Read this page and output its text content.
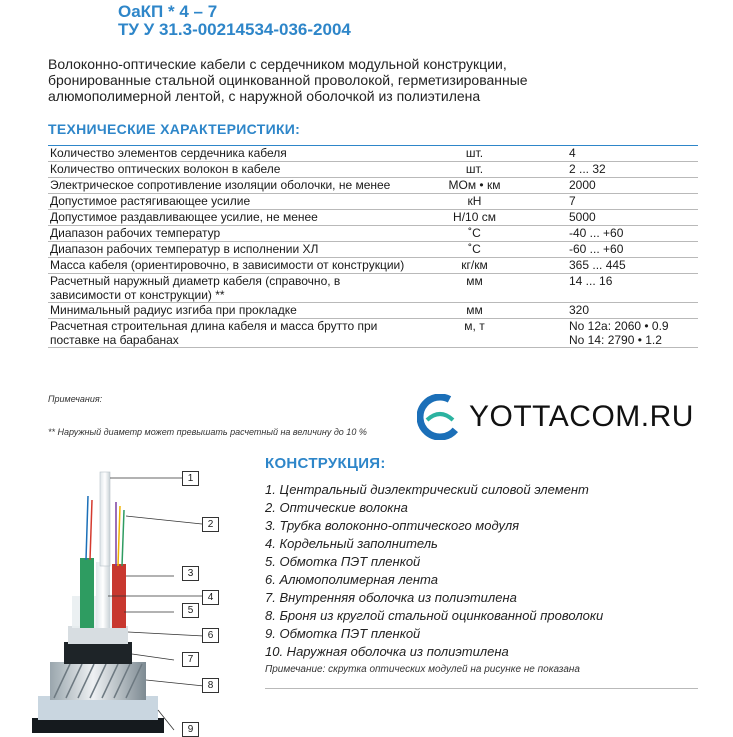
ОаКП * 4 – 7
ТУ У 31.3-00214534-036-2004
Волоконно-оптические кабели с сердечником модульной конструкции,
бронированные стальной оцинкованной проволокой, герметизированные
алюмополимерной лентой, с наружной оболочкой из полиэтилена
ТЕХНИЧЕСКИЕ ХАРАКТЕРИСТИКИ:
Количество элементов сердечника кабеля	шт.	4
Количество оптических волокон в кабеле	шт.	2 ... 32
Электрическое сопротивление изоляции оболочки, не менее	МОм • км	2000
Допустимое растягивающее усилие	кН	7
Допустимое раздавливающее усилие, не менее	Н/10 см	5000
Диапазон рабочих температур	˚С	-40 ... +60
Диапазон рабочих температур в исполнении ХЛ	˚С	-60 ... +60
Масса кабеля (ориентировочно, в зависимости от конструкции)	кг/км	365 ... 445
Расчетный наружный диаметр кабеля (справочно, в зависимости от конструкции) **	мм	14 ... 16
Минимальный радиус изгиба при прокладке	мм	320
Расчетная строительная длина кабеля и масса брутто при поставке на барабанах	м, т	No 12а: 2060 • 0.9
No 14: 2790 • 1.2
Примечания:
** Наружный диаметр может превышать расчетный на величину до 10 %	YOTTACOM.RU
КОНСТРУКЦИЯ:
1. Центральный диэлектрический силовой элемент
2. Оптические волокна
3. Трубка волоконно-оптического модуля
4. Кордельный заполнитель
5. Обмотка ПЭТ пленкой
6. Алюмополимерная лента
7. Внутренняя оболочка из полиэтилена
8. Броня из круглой стальной оцинкованной проволоки
9. Обмотка ПЭТ пленкой
10. Наружная оболочка из полиэтилена
Примечание: скрутка оптических модулей на рисунке не показана
1
2
3
4
5
6
7
8
9
